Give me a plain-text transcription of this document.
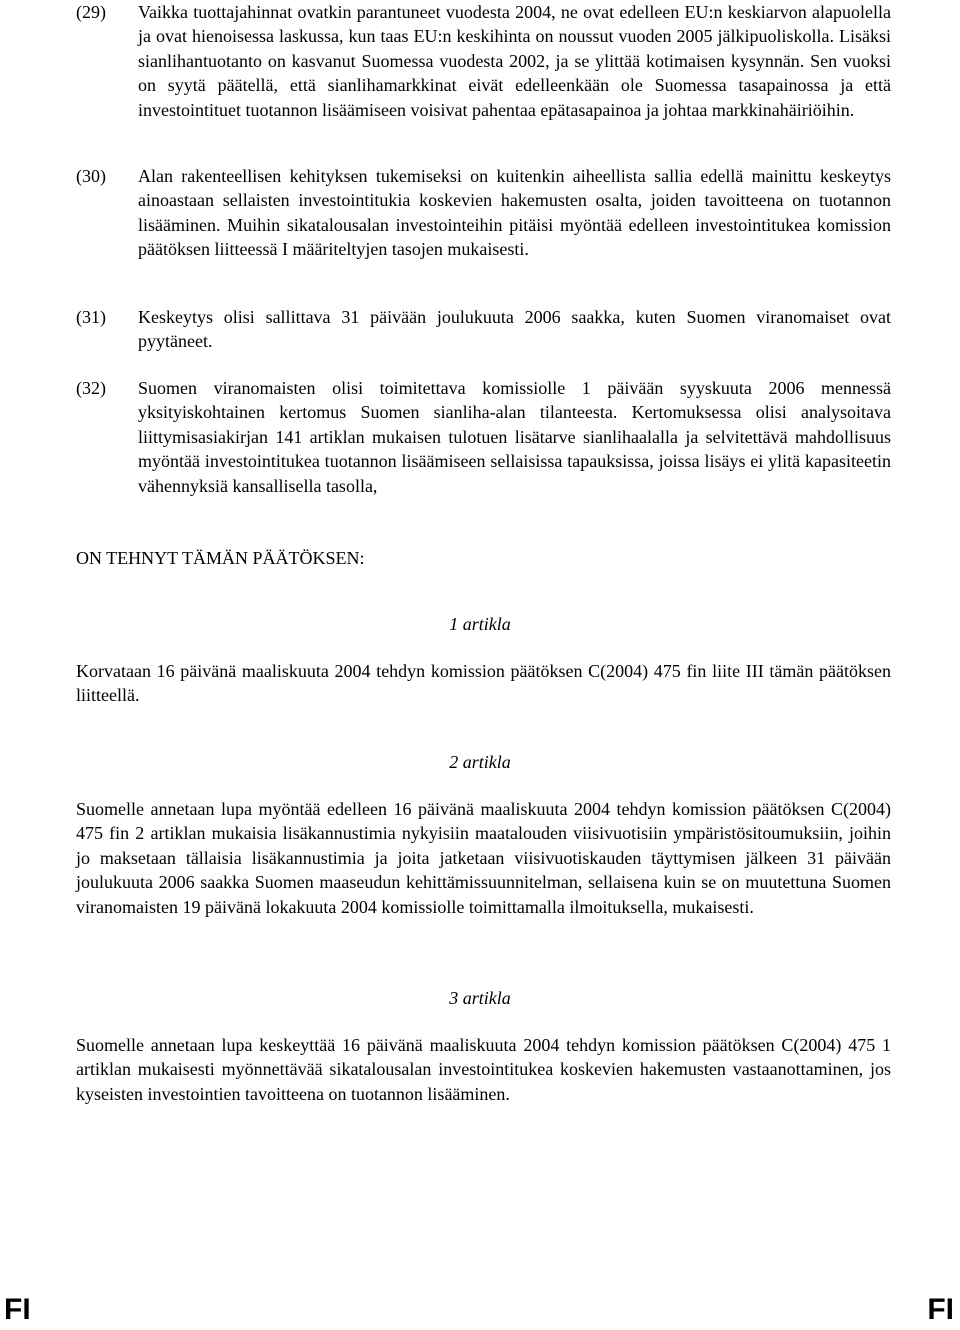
(29)	Vaikka tuottajahinnat ovatkin parantuneet vuodesta 2004, ne ovat edelleen EU:n keskiarvon alapuolella ja ovat hienoisessa laskussa, kun taas EU:n keskihinta on noussut vuoden 2005 jälkipuoliskolla. Lisäksi sianlihantuotanto on kasvanut Suomessa vuodesta 2002, ja se ylittää kotimaisen kysynnän. Sen vuoksi on syytä päätellä, että sianlihamarkkinat eivät edelleenkään ole Suomessa tasapainossa ja että investointituet tuotannon lisäämiseen voisivat pahentaa epätasapainoa ja johtaa markkinahäiriöihin.
(30)	Alan rakenteellisen kehityksen tukemiseksi on kuitenkin aiheellista sallia edellä mainittu keskeytys ainoastaan sellaisten investointitukia koskevien hakemusten osalta, joiden tavoitteena on tuotannon lisääminen. Muihin sikatalousalan investointeihin pitäisi myöntää edelleen investointitukea komission päätöksen liitteessä I määriteltyjen tasojen mukaisesti.
(31)	Keskeytys olisi sallittava 31 päivään joulukuuta 2006 saakka, kuten Suomen viranomaiset ovat pyytäneet.
(32)	Suomen viranomaisten olisi toimitettava komissiolle 1 päivään syyskuuta 2006 mennessä yksityiskohtainen kertomus Suomen sianliha-alan tilanteesta. Kertomuksessa olisi analysoitava liittymisasiakirjan 141 artiklan mukaisen tulotuen lisätarve sianlihaalalla ja selvitettävä mahdollisuus myöntää investointitukea tuotannon lisäämiseen sellaisissa tapauksissa, joissa lisäys ei ylitä kapasiteetin vähennyksiä kansallisella tasolla,
ON TEHNYT TÄMÄN PÄÄTÖKSEN:
1 artikla
Korvataan 16 päivänä maaliskuuta 2004 tehdyn komission päätöksen C(2004) 475 fin liite III tämän päätöksen liitteellä.
2 artikla
Suomelle annetaan lupa myöntää edelleen 16 päivänä maaliskuuta 2004 tehdyn komission päätöksen C(2004) 475 fin 2 artiklan mukaisia lisäkannustimia nykyisiin maatalouden viisivuotisiin ympäristösitoumuksiin, joihin jo maksetaan tällaisia lisäkannustimia ja joita jatketaan viisivuotiskauden täyttymisen jälkeen 31 päivään joulukuuta 2006 saakka Suomen maaseudun kehittämissuunnitelman, sellaisena kuin se on muutettuna Suomen viranomaisten 19 päivänä lokakuuta 2004 komissiolle toimittamalla ilmoituksella, mukaisesti.
3 artikla
Suomelle annetaan lupa keskeyttää 16 päivänä maaliskuuta 2004 tehdyn komission päätöksen C(2004) 475 1 artiklan mukaisesti myönnettävää sikatalousalan investointitukea koskevien hakemusten vastaanottaminen, jos kyseisten investointien tavoitteena on tuotannon lisääminen.
FI	FI
